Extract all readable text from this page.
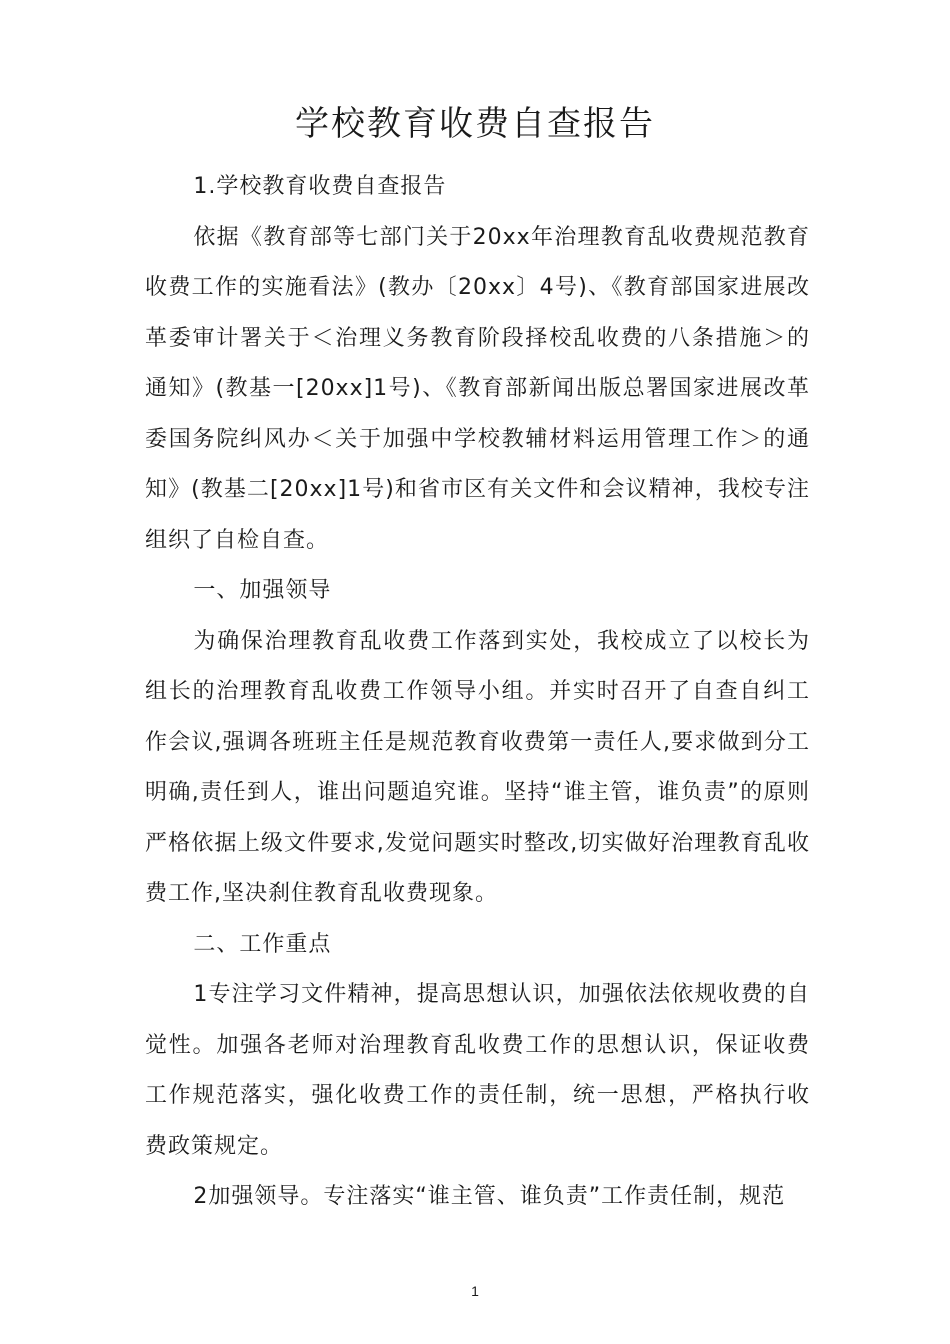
学校教育收费自查报告

1.学校教育收费自查报告

依据《教育部等七部门关于20xx年治理教育乱收费规范教育收费工作的实施看法》(教办〔20xx〕4号)、《教育部国家进展改革委审计署关于＜治理义务教育阶段择校乱收费的八条措施＞的通知》(教基一[20xx]1号)、《教育部新闻出版总署国家进展改革委国务院纠风办＜关于加强中学校教辅材料运用管理工作＞的通知》(教基二[20xx]1号)和省市区有关文件和会议精神，我校专注组织了自检自查。

一、加强领导

为确保治理教育乱收费工作落到实处，我校成立了以校长为组长的治理教育乱收费工作领导小组。并实时召开了自查自纠工作会议,强调各班班主任是规范教育收费第一责任人,要求做到分工明确,责任到人，谁出问题追究谁。坚持“谁主管，谁负责”的原则严格依据上级文件要求,发觉问题实时整改,切实做好治理教育乱收费工作,坚决刹住教育乱收费现象。

二、工作重点

1专注学习文件精神，提高思想认识，加强依法依规收费的自觉性。加强各老师对治理教育乱收费工作的思想认识，保证收费工作规范落实，强化收费工作的责任制，统一思想，严格执行收费政策规定。

2加强领导。专注落实“谁主管、谁负责”工作责任制，规范

1
